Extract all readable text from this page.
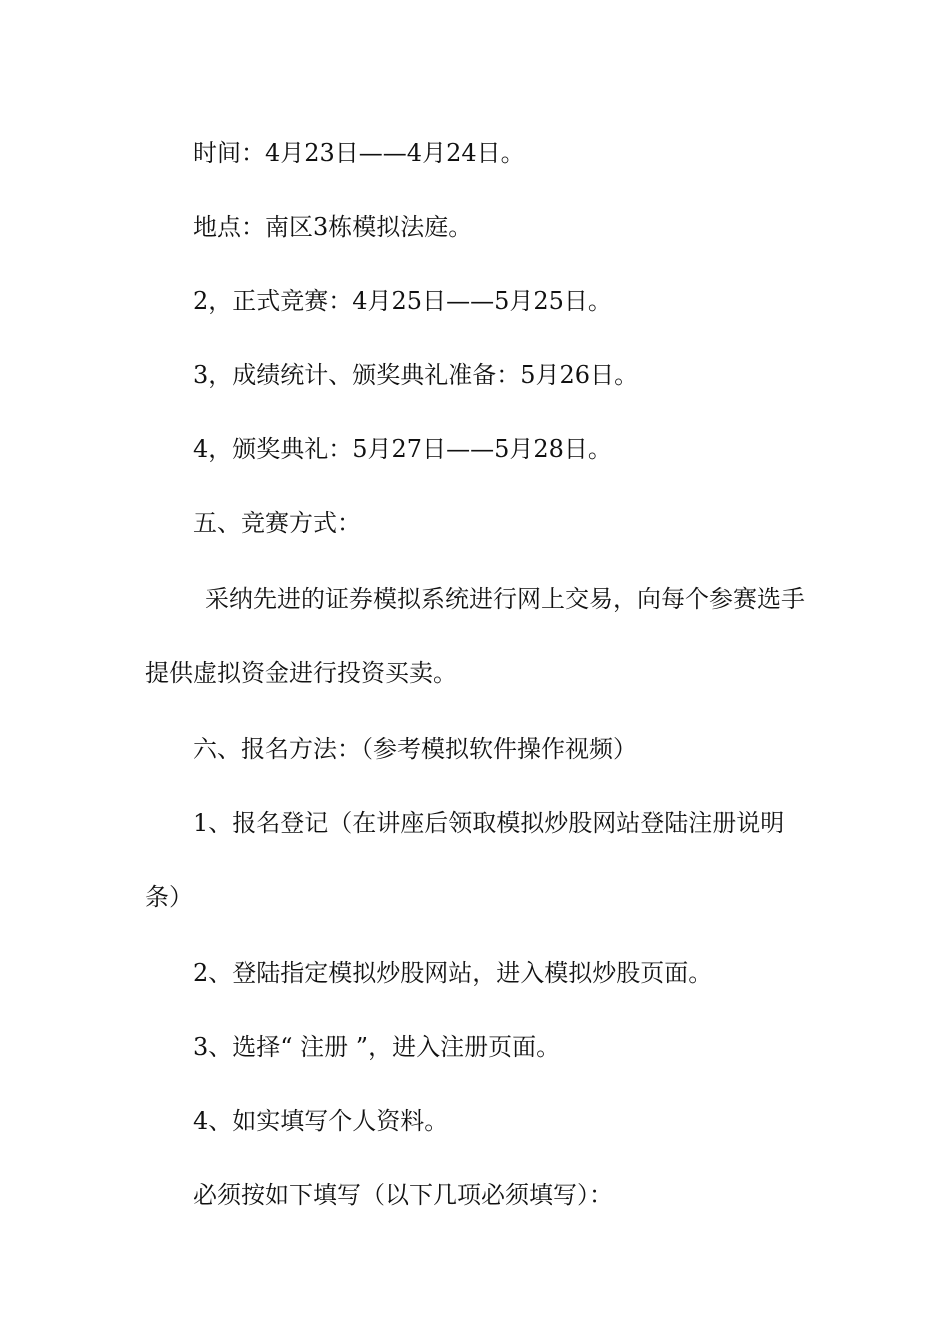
时间：4月23日——4月24日。
地点：南区3栋模拟法庭。
2，正式竞赛：4月25日——5月25日。
3，成绩统计、颁奖典礼准备：5月26日。
4，颁奖典礼：5月27日——5月28日。
五、竞赛方式：
采纳先进的证券模拟系统进行网上交易，向每个参赛选手
提供虚拟资金进行投资买卖。
六、报名方法：（参考模拟软件操作视频）
1、报名登记（在讲座后领取模拟炒股网站登陆注册说明
条）
2、登陆指定模拟炒股网站，进入模拟炒股页面。
3、选择“ 注册 ”，进入注册页面。
4、如实填写个人资料。
必须按如下填写（以下几项必须填写）：
